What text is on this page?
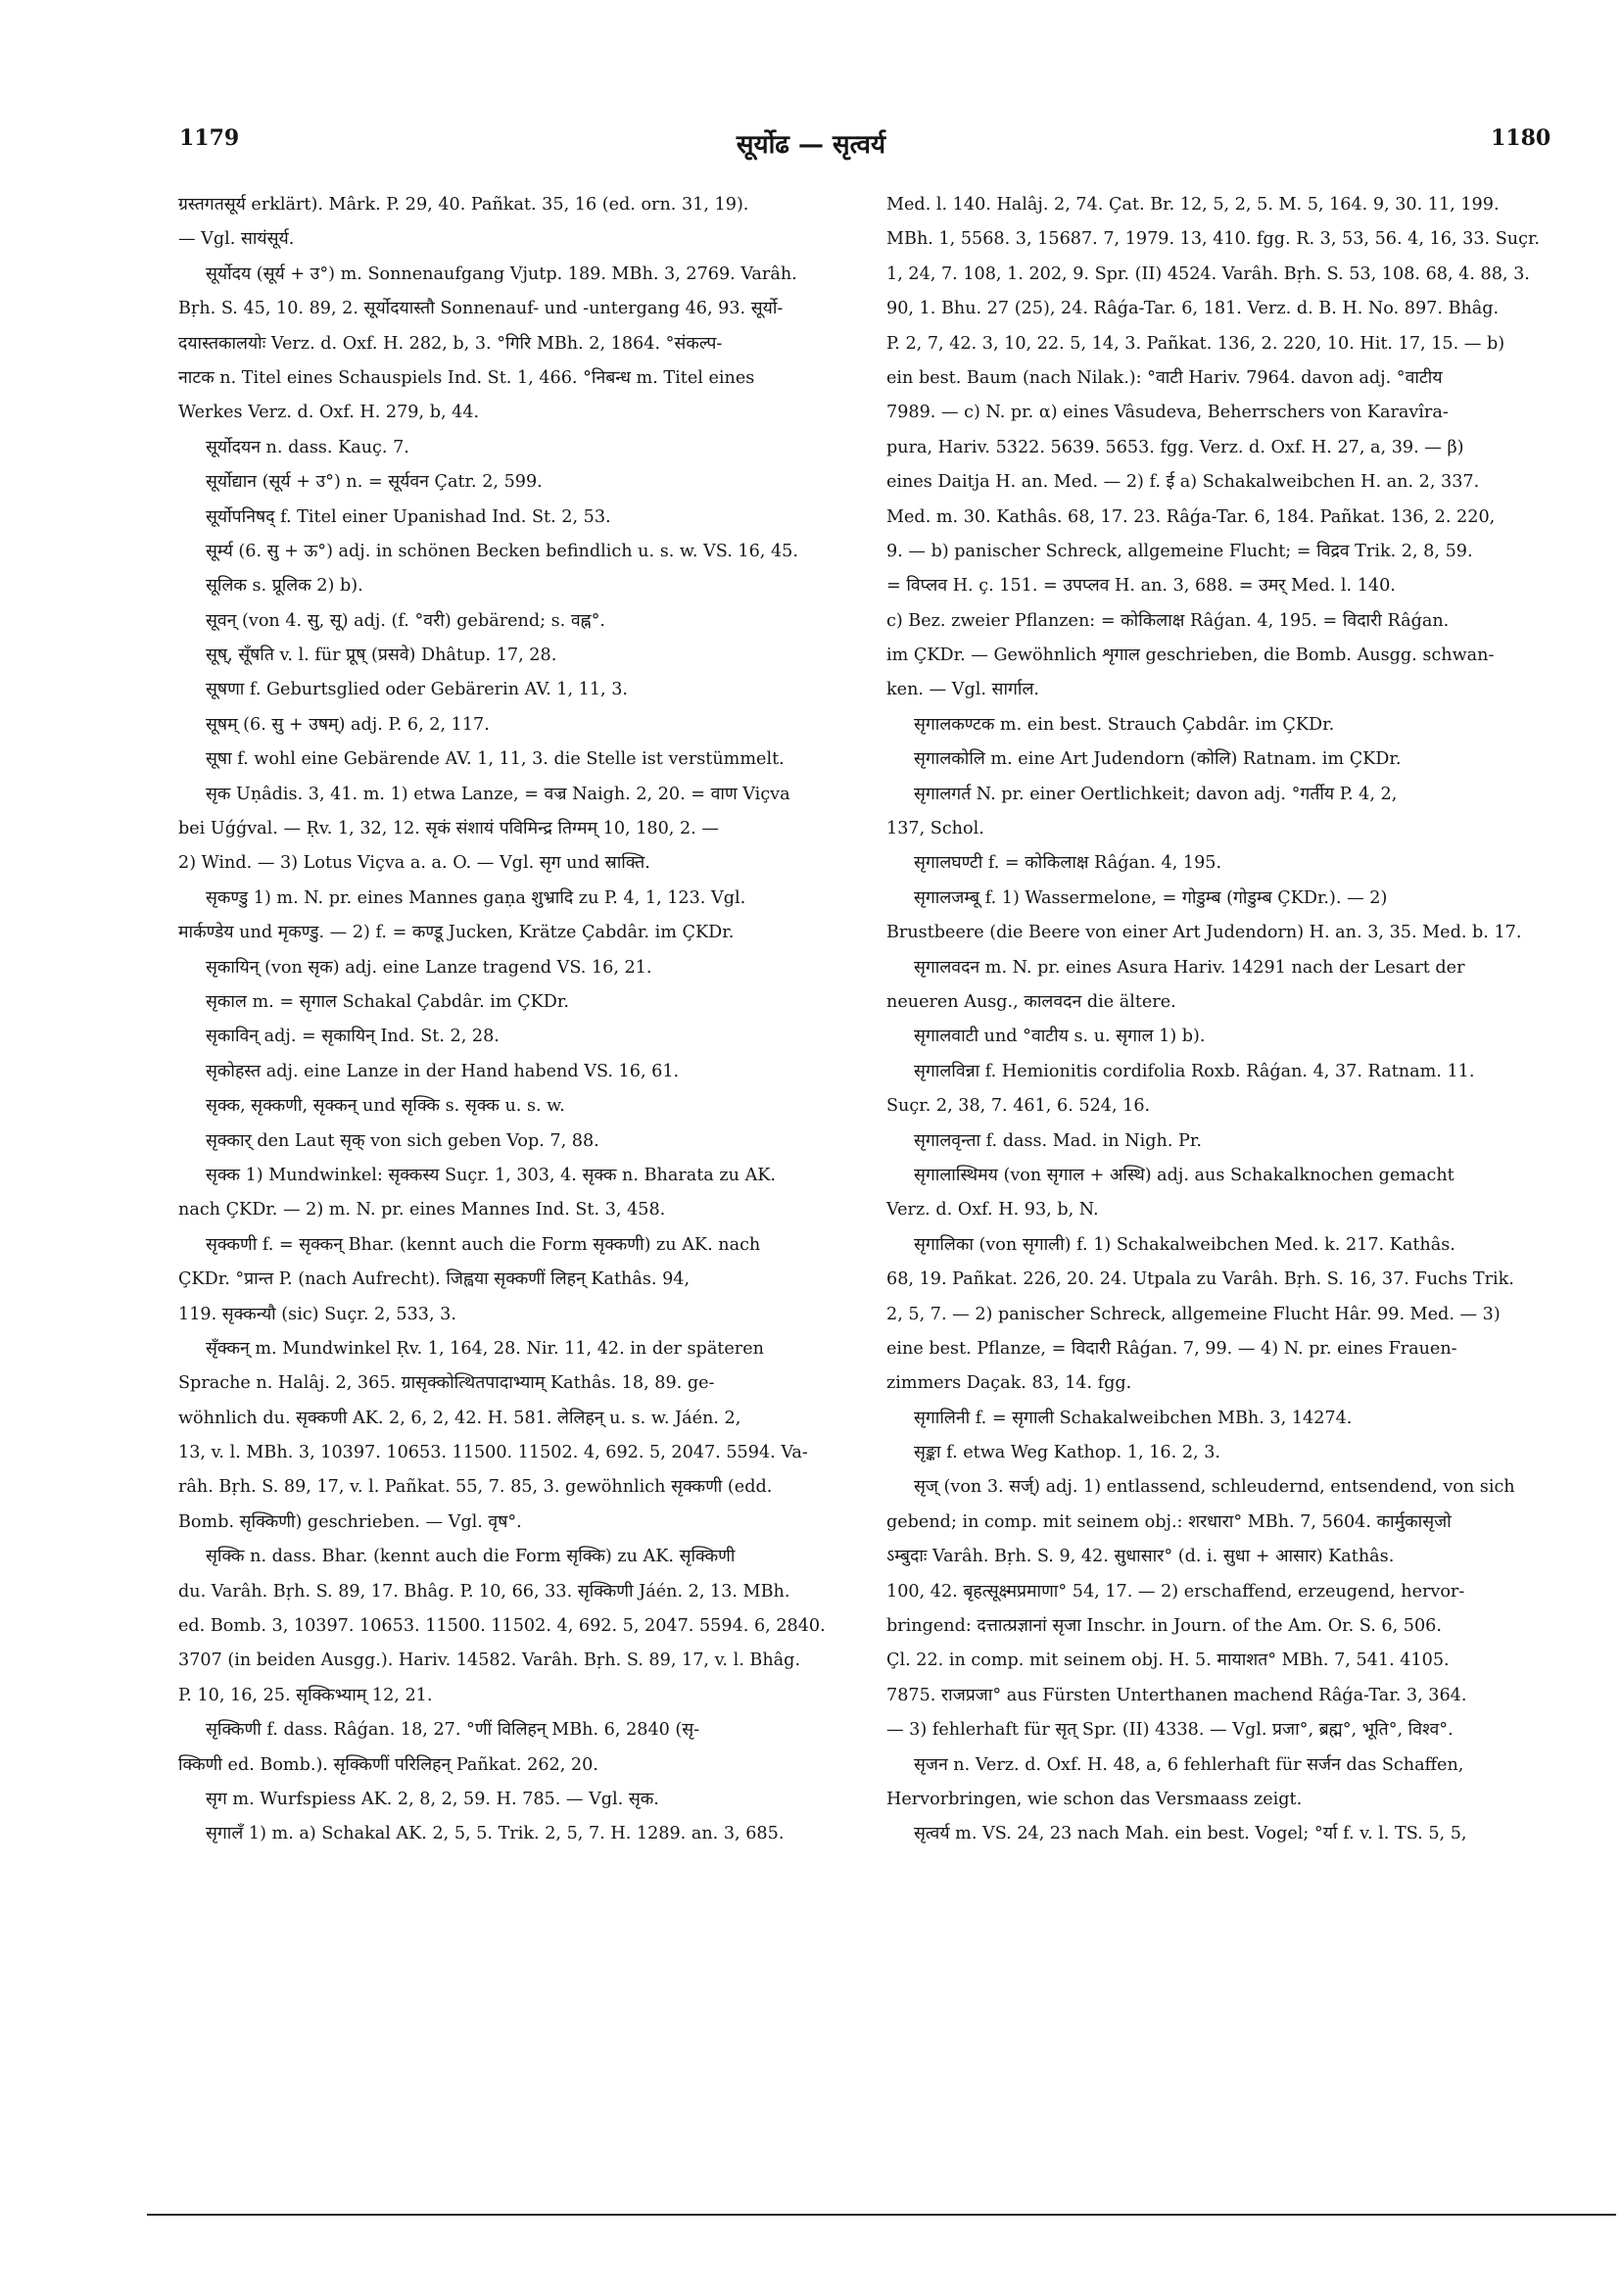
1179	सूर्योढ — सृत्वर्य	1180
ग्रस्तगतसूर्य erklärt). Mârk. P. 29, 40. Pañkat. 35, 16 (ed. orn. 31, 19).
— Vgl. सायंसूर्य.
सूर्योदय (सूर्य + उ°) m. Sonnenaufgang Vjutp. 189. MBh. 3, 2769. Varâh.
Bṛh. S. 45, 10. 89, 2. सूर्योदयास्तौ Sonnenauf- und -untergang 46, 93. सूर्यो-
दयास्तकालयोः Verz. d. Oxf. H. 282, b, 3. °गिरि MBh. 2, 1864. °संकल्प-
नाटक n. Titel eines Schauspiels Ind. St. 1, 466. °निबन्ध m. Titel eines
Werkes Verz. d. Oxf. H. 279, b, 44.
सूर्योदयन n. dass. Kauç. 7.
सूर्योद्यान (सूर्य + उ°) n. = सूर्यवन Çatr. 2, 599.
सूर्योपनिषद् f. Titel einer Upanishad Ind. St. 2, 53.
सूर्म्य (6. सु + ऊ°) adj. in schönen Becken befindlich u. s. w. VS. 16, 45.
सूलिक s. प्रूलिक 2) b).
सूवन् (von 4. सु, सू) adj. (f. °वरी) gebärend; s. वह्न°.
सूष्, सूँषति v. l. für प्रूष् (प्रसवे) Dhâtup. 17, 28.
सूषणा f. Geburtsglied oder Gebärerin AV. 1, 11, 3.
सूषम् (6. सु + उषम्) adj. P. 6, 2, 117.
सूषा f. wohl eine Gebärende AV. 1, 11, 3. die Stelle ist verstümmelt.
सृक Uṇâdis. 3, 41. m. 1) etwa Lanze, = वज्र Naigh. 2, 20. = वाण Viçva
bei Uǵǵval. — Ṛv. 1, 32, 12. सृकं संशायं पविमिन्द्र तिग्मम् 10, 180, 2. —
2) Wind. — 3) Lotus Viçva a. a. O. — Vgl. सृग und स्राक्ति.
सृकण्डु 1) m. N. pr. eines Mannes gaṇa शुभ्रादि zu P. 4, 1, 123. Vgl.
मार्कण्डेय und मृकण्डु. — 2) f. = कण्डू Jucken, Krätze Çabdâr. im ÇKDr.
सृकायिन् (von सृक) adj. eine Lanze tragend VS. 16, 21.
सृकाल m. = सृगाल Schakal Çabdâr. im ÇKDr.
सृकाविन् adj. = सृकायिन् Ind. St. 2, 28.
सृकोहस्त adj. eine Lanze in der Hand habend VS. 16, 61.
सृक्क, सृक्कणी, सृक्कन् und सृक्कि s. सृक्क u. s. w.
सृक्कार् den Laut सृक् von sich geben Vop. 7, 88.
सृक्क 1) Mundwinkel: सृक्कस्य Suçr. 1, 303, 4. सृक्क n. Bharata zu AK.
nach ÇKDr. — 2) m. N. pr. eines Mannes Ind. St. 3, 458.
सृक्कणी f. = सृक्कन् Bhar. (kennt auch die Form सृक्कणी) zu AK. nach
ÇKDr. °प्रान्त P. (nach Aufrecht). जिह्वया सृक्कणीं लिहन् Kathâs. 94,
119. सृक्कन्यौ (sic) Suçr. 2, 533, 3.
सृँक्कन् m. Mundwinkel Ṛv. 1, 164, 28. Nir. 11, 42. in der späteren
Sprache n. Halâj. 2, 365. ग्रासृक्कोत्थितपादाभ्याम् Kathâs. 18, 89. ge-
wöhnlich du. सृक्कणी AK. 2, 6, 2, 42. H. 581. लेलिहन् u. s. w. Jáén. 2,
13, v. l. MBh. 3, 10397. 10653. 11500. 11502. 4, 692. 5, 2047. 5594. Va-
râh. Bṛh. S. 89, 17, v. l. Pañkat. 55, 7. 85, 3. gewöhnlich सृक्कणी (edd.
Bomb. सृक्किणी) geschrieben. — Vgl. वृष°.
सृक्कि n. dass. Bhar. (kennt auch die Form सृक्कि) zu AK. सृक्किणी
du. Varâh. Bṛh. S. 89, 17. Bhâg. P. 10, 66, 33. सृक्किणी Jáén. 2, 13. MBh.
ed. Bomb. 3, 10397. 10653. 11500. 11502. 4, 692. 5, 2047. 5594. 6, 2840.
3707 (in beiden Ausgg.). Hariv. 14582. Varâh. Bṛh. S. 89, 17, v. l. Bhâg.
P. 10, 16, 25. सृक्किभ्याम् 12, 21.
सृक्किणी f. dass. Râǵan. 18, 27. °णीं विलिहन् MBh. 6, 2840 (सृ-
क्किणी ed. Bomb.). सृक्किणीं परिलिहन् Pañkat. 262, 20.
सृग m. Wurfspiess AK. 2, 8, 2, 59. H. 785. — Vgl. सृक.
सृगालँ 1) m. a) Schakal AK. 2, 5, 5. Trik. 2, 5, 7. H. 1289. an. 3, 685.
Med. l. 140. Halâj. 2, 74. Çat. Br. 12, 5, 2, 5. M. 5, 164. 9, 30. 11, 199.
MBh. 1, 5568. 3, 15687. 7, 1979. 13, 410. fgg. R. 3, 53, 56. 4, 16, 33. Suçr.
1, 24, 7. 108, 1. 202, 9. Spr. (II) 4524. Varâh. Bṛh. S. 53, 108. 68, 4. 88, 3.
90, 1. Bhu. 27 (25), 24. Râǵa-Tar. 6, 181. Verz. d. B. H. No. 897. Bhâg.
P. 2, 7, 42. 3, 10, 22. 5, 14, 3. Pañkat. 136, 2. 220, 10. Hit. 17, 15. — b)
ein best. Baum (nach Nilak.): °वाटी Hariv. 7964. davon adj. °वाटीय
7989. — c) N. pr. α) eines Vâsudeva, Beherrschers von Karavîra-
pura, Hariv. 5322. 5639. 5653. fgg. Verz. d. Oxf. H. 27, a, 39. — β)
eines Daitja H. an. Med. — 2) f. ई a) Schakalweibchen H. an. 2, 337.
Med. m. 30. Kathâs. 68, 17. 23. Râǵa-Tar. 6, 184. Pañkat. 136, 2. 220,
9. — b) panischer Schreck, allgemeine Flucht; = विद्रव Trik. 2, 8, 59.
= विप्लव H. ç. 151. = उपप्लव H. an. 3, 688. = उमर् Med. l. 140.
c) Bez. zweier Pflanzen: = कोकिलाक्ष Râǵan. 4, 195. = विदारी Râǵan.
im ÇKDr. — Gewöhnlich शृगाल geschrieben, die Bomb. Ausgg. schwan-
ken. — Vgl. सार्गाल.
सृगालकण्टक m. ein best. Strauch Çabdâr. im ÇKDr.
सृगालकोलि m. eine Art Judendorn (कोलि) Ratnam. im ÇKDr.
सृगालगर्त N. pr. einer Oertlichkeit; davon adj. °गर्तीय P. 4, 2,
137, Schol.
सृगालघण्टी f. = कोकिलाक्ष Râǵan. 4, 195.
सृगालजम्बू f. 1) Wassermelone, = गोडुम्ब (गोडुम्ब ÇKDr.). — 2)
Brustbeere (die Beere von einer Art Judendorn) H. an. 3, 35. Med. b. 17.
सृगालवदन m. N. pr. eines Asura Hariv. 14291 nach der Lesart der
neueren Ausg., कालवदन die ältere.
सृगालवाटी und °वाटीय s. u. सृगाल 1) b).
सृगालविन्ना f. Hemionitis cordifolia Roxb. Râǵan. 4, 37. Ratnam. 11.
Suçr. 2, 38, 7. 461, 6. 524, 16.
सृगालवृन्ता f. dass. Mad. in Nigh. Pr.
सृगालास्थिमय (von सृगाल + अस्थि) adj. aus Schakalknochen gemacht
Verz. d. Oxf. H. 93, b, N.
सृगालिका (von सृगाली) f. 1) Schakalweibchen Med. k. 217. Kathâs.
68, 19. Pañkat. 226, 20. 24. Utpala zu Varâh. Bṛh. S. 16, 37. Fuchs Trik.
2, 5, 7. — 2) panischer Schreck, allgemeine Flucht Hâr. 99. Med. — 3)
eine best. Pflanze, = विदारी Râǵan. 7, 99. — 4) N. pr. eines Frauen-
zimmers Daçak. 83, 14. fgg.
सृगालिनी f. = सृगाली Schakalweibchen MBh. 3, 14274.
सृङ्का f. etwa Weg Kathop. 1, 16. 2, 3.
सृज् (von 3. सर्ज्) adj. 1) entlassend, schleudernd, entsendend, von sich
gebend; in comp. mit seinem obj.: शरधारा° MBh. 7, 5604. कार्मुकासृजो
ऽम्बुदाः Varâh. Bṛh. S. 9, 42. सुधासार° (d. i. सुधा + आसार) Kathâs.
100, 42. बृहत्सूक्ष्मप्रमाणा° 54, 17. — 2) erschaffend, erzeugend, hervor-
bringend: दत्तात्प्रज्ञानां सृजा Inschr. in Journ. of the Am. Or. S. 6, 506.
Çl. 22. in comp. mit seinem obj. H. 5. मायाशत° MBh. 7, 541. 4105.
7875. राजप्रजा° aus Fürsten Unterthanen machend Râǵa-Tar. 3, 364.
— 3) fehlerhaft für सृत् Spr. (II) 4338. — Vgl. प्रजा°, ब्रह्म°, भूति°, विश्व°.
सृजन n. Verz. d. Oxf. H. 48, a, 6 fehlerhaft für सर्जन das Schaffen,
Hervorbringen, wie schon das Versmaass zeigt.
सृत्वर्य m. VS. 24, 23 nach Mah. ein best. Vogel; °र्या f. v. l. TS. 5, 5,
